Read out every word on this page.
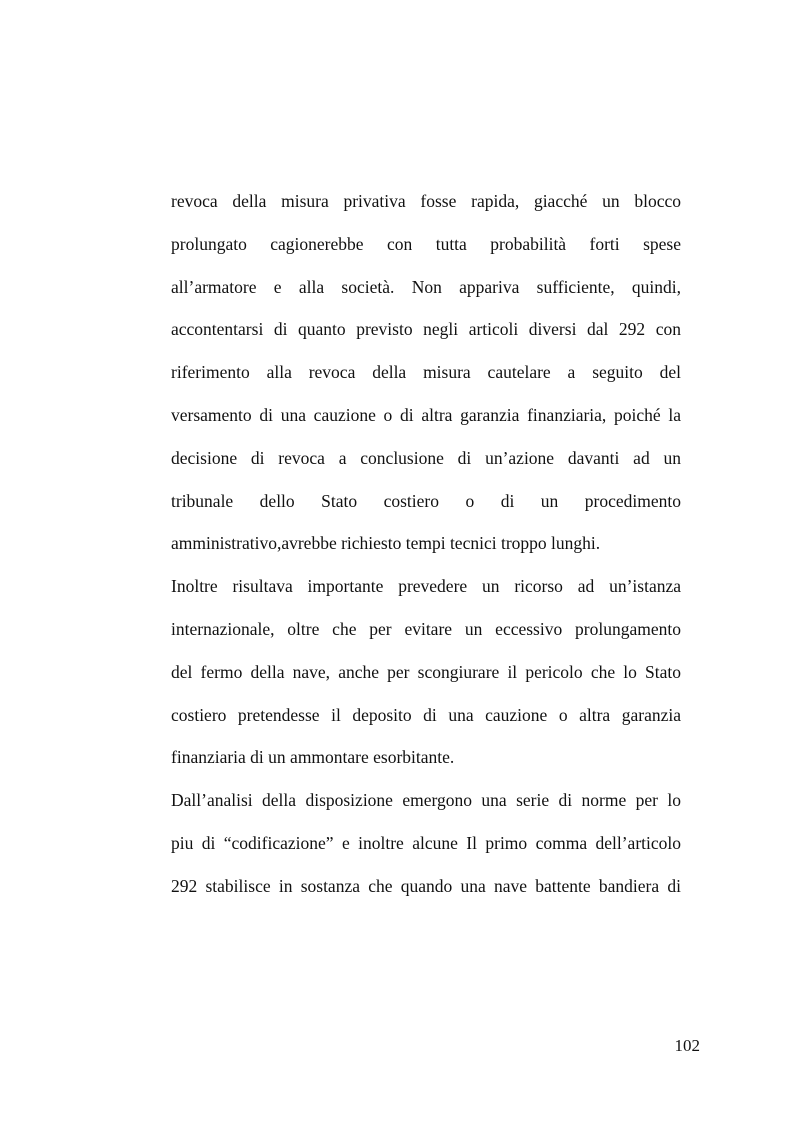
revoca della misura privativa fosse rapida, giacché un blocco
prolungato cagionerebbe con tutta probabilità forti spese
all’armatore e alla società. Non appariva sufficiente, quindi,
accontentarsi di quanto previsto negli articoli diversi dal 292 con
riferimento alla revoca della misura cautelare a seguito del
versamento di una cauzione o di altra garanzia finanziaria, poiché la
decisione di revoca a conclusione di un’azione davanti ad un
tribunale dello Stato costiero o di un procedimento
amministrativo,avrebbe richiesto tempi tecnici troppo lunghi.
Inoltre risultava importante prevedere un ricorso ad un’istanza
internazionale, oltre che per evitare un eccessivo prolungamento
del fermo della nave, anche per scongiurare il pericolo che lo Stato
costiero pretendesse il deposito di una cauzione o altra garanzia
finanziaria di un ammontare esorbitante.
Dall’analisi della disposizione emergono una serie di norme per lo
piu di “codificazione” e inoltre alcune Il primo comma dell’articolo
292 stabilisce in sostanza che quando una nave battente bandiera di
102
